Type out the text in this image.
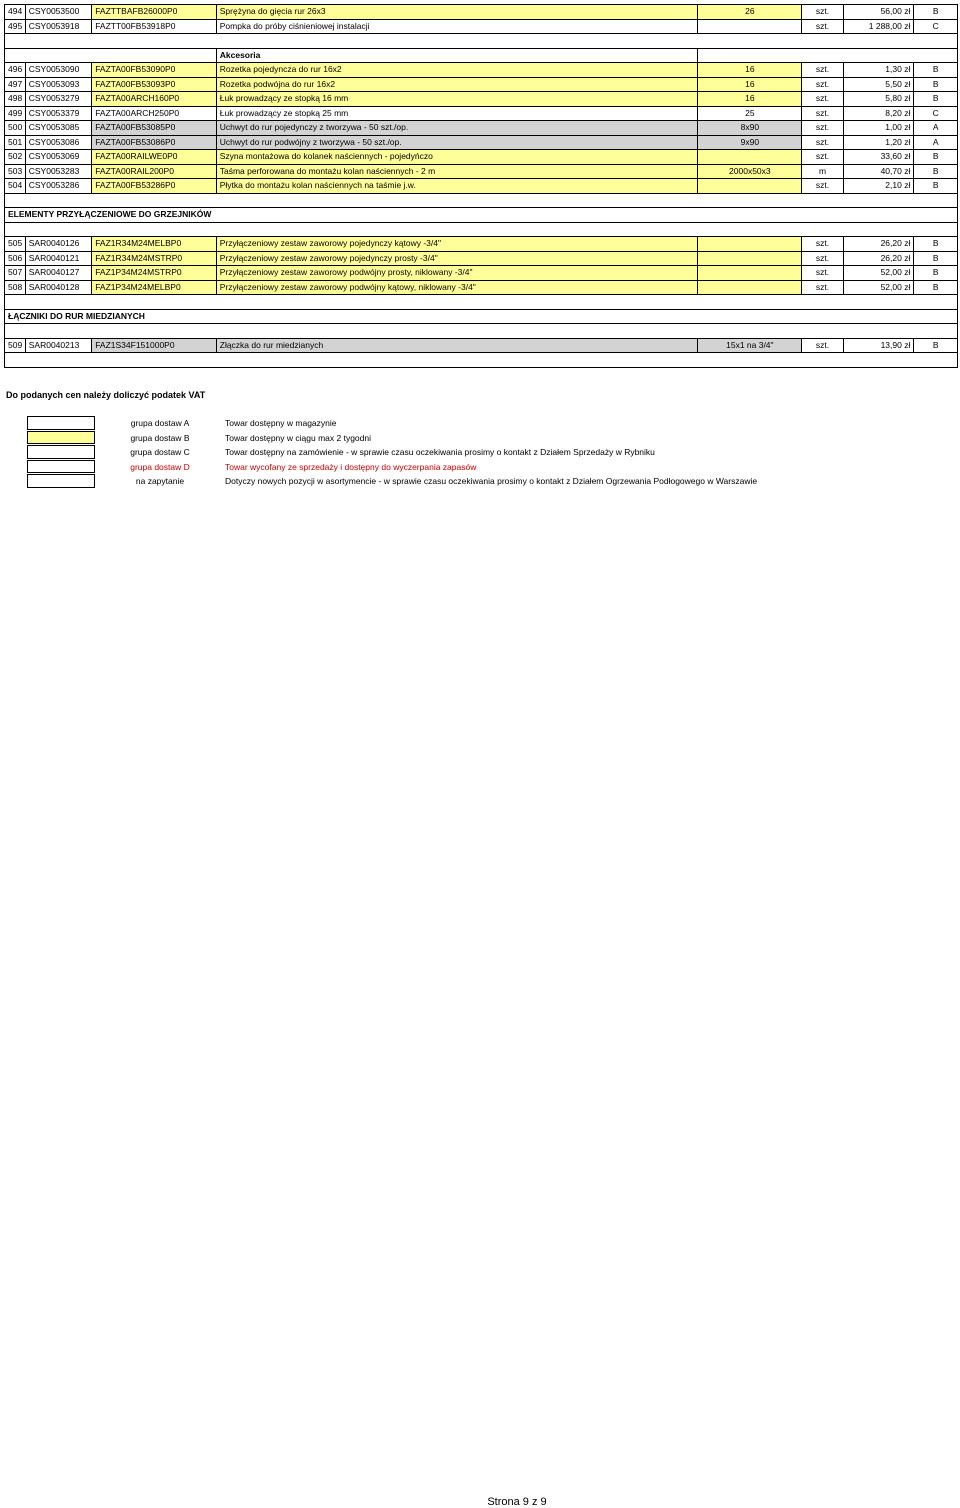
494	CSY0053500	FAZTTBAFB26000P0	Sprężyna do gięcia rur 26x3	26	szt.	56,00 zł	B
495	CSY0053918	FAZTT00FB53918P0	Pompka do próby ciśnieniowej instalacji		szt.	1 288,00 zł	C

			Akcesoria				
496	CSY0053090	FAZTA00FB53090P0	Rozetka pojedyncza do rur 16x2	16	szt.	1,30 zł	B
497	CSY0053093	FAZTA00FB53093P0	Rozetka podwójna do rur 16x2	16	szt.	5,50 zł	B
498	CSY0053279	FAZTA00ARCH160P0	Łuk prowadzący ze stopką 16 mm	16	szt.	5,80 zł	B
499	CSY0053379	FAZTA00ARCH250P0	Łuk prowadzący ze stopką 25 mm	25	szt.	8,20 zł	C
500	CSY0053085	FAZTA00FB53085P0	Uchwyt do rur pojedynczy z tworzywa - 50 szt./op.	8x90	szt.	1,00 zł	A
501	CSY0053086	FAZTA00FB53086P0	Uchwyt do rur podwójny z tworzywa - 50 szt./op.	9x90	szt.	1,20 zł	A
502	CSY0053069	FAZTA00RAILWE0P0	Szyna montażowa do kolanek naściennych - pojedyńczo		szt.	33,60 zł	B
503	CSY0053283	FAZTA00RAIL200P0	Taśma perforowana do montażu kolan naściennych - 2 m	2000x50x3	m	40,70 zł	B
504	CSY0053286	FAZTA00FB53286P0	Płytka do montażu kolan naściennych na taśmie j.w.		szt.	2,10 zł	B

ELEMENTY PRZYŁĄCZENIOWE DO GRZEJNIKÓW							

505	SAR0040126	FAZ1R34M24MELBP0	Przyłączeniowy zestaw zaworowy pojedynczy kątowy -3/4"		szt.	26,20 zł	B
506	SAR0040121	FAZ1R34M24MSTRP0	Przyłączeniowy zestaw zaworowy pojedynczy prosty -3/4"		szt.	26,20 zł	B
507	SAR0040127	FAZ1P34M24MSTRP0	Przyłączeniowy zestaw zaworowy podwójny prosty, niklowany -3/4"		szt.	52,00 zł	B
508	SAR0040128	FAZ1P34M24MELBP0	Przyłączeniowy zestaw zaworowy podwójny kątowy, niklowany -3/4"		szt.	52,00 zł	B

ŁĄCZNIKI DO RUR MIEDZIANYCH							

509	SAR0040213	FAZ1S34F151000P0	Złączka do rur miedzianych	15x1 na 3/4"	szt.	13,90 zł	B

Do podanych cen należy doliczyć podatek VAT
grupa dostaw A	Towar dostępny w magazynie
grupa dostaw B	Towar dostępny w ciągu max 2 tygodni
grupa dostaw C	Towar dostępny na zamówienie - w sprawie czasu oczekiwania prosimy o kontakt z Działem Sprzedaży w Rybniku
grupa dostaw D	Towar wycofany ze sprzedaży i dostępny do wyczerpania zapasów
na zapytanie	Dotyczy nowych pozycji w asortymencie - w sprawie czasu oczekiwania prosimy o kontakt z Działem Ogrzewania Podłogowego w Warszawie
Strona 9 z 9
